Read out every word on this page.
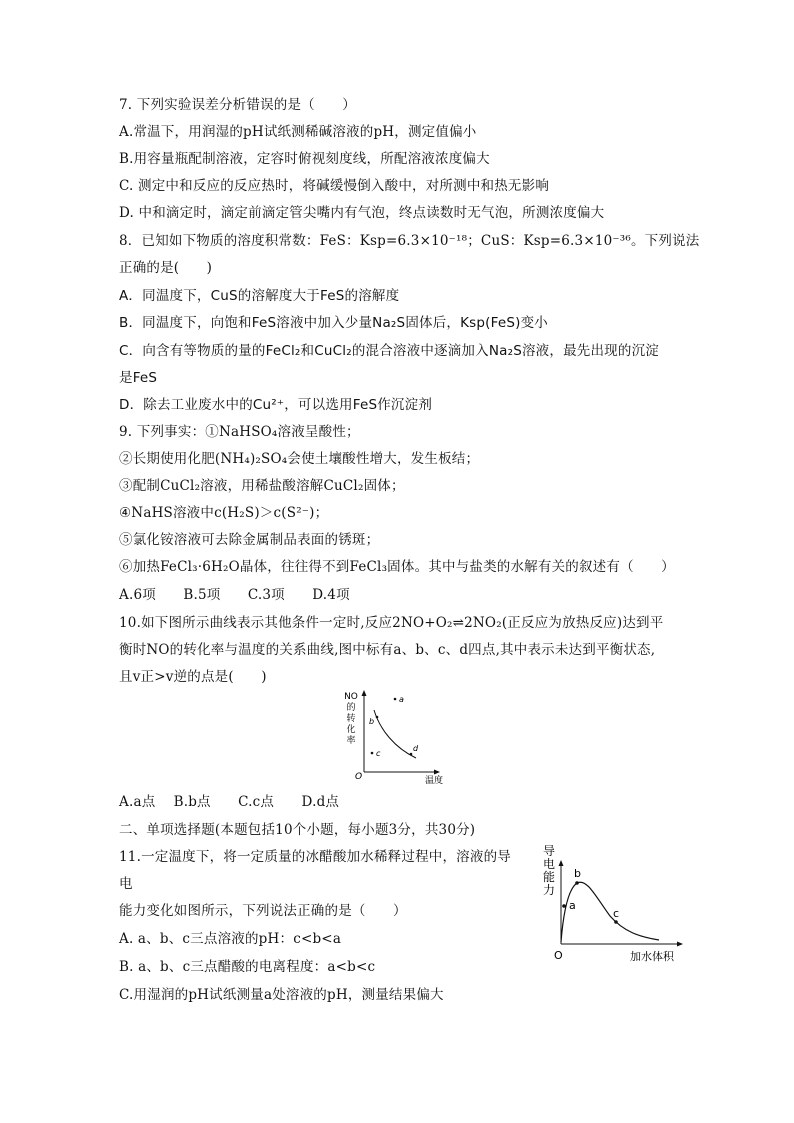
7. 下列实验误差分析错误的是（　　）
A.常温下，用润湿的pH试纸测稀碱溶液的pH，测定值偏小
B.用容量瓶配制溶液，定容时俯视刻度线，所配溶液浓度偏大
C. 测定中和反应的反应热时，将碱缓慢倒入酸中，对所测中和热无影响
D. 中和滴定时，滴定前滴定管尖嘴内有气泡，终点读数时无气泡，所测浓度偏大
8．已知如下物质的溶度积常数：FeS：Ksp=6.3×10⁻¹⁸；CuS：Ksp=6.3×10⁻³⁶。下列说法
正确的是(　　)
A．同温度下，CuS的溶解度大于FeS的溶解度
B．同温度下，向饱和FeS溶液中加入少量Na₂S固体后，Ksp(FeS)变小
C．向含有等物质的量的FeCl₂和CuCl₂的混合溶液中逐滴加入Na₂S溶液，最先出现的沉淀
是FeS
D．除去工业废水中的Cu²⁺，可以选用FeS作沉淀剂
9. 下列事实：①NaHSO₄溶液呈酸性；
②长期使用化肥(NH₄)₂SO₄会使土壤酸性增大，发生板结；
③配制CuCl₂溶液，用稀盐酸溶解CuCl₂固体；
④NaHS溶液中c(H₂S)＞c(S²⁻)；
⑤氯化铵溶液可去除金属制品表面的锈斑；
⑥加热FeCl₃·6H₂O晶体，往往得不到FeCl₃固体。其中与盐类的水解有关的叙述有（　　）
A.6项　　B.5项　　C.3项　　D.4项
10.如下图所示曲线表示其他条件一定时,反应2NO+O₂⇌2NO₂(正反应为放热反应)达到平
衡时NO的转化率与温度的关系曲线,图中标有a、b、c、d四点,其中表示未达到平衡状态,
且v正>v逆的点是(　　)
NO
的
转
化
率
O	温度
a
b
c
d
A.a点　 B.b点　　C.c点　　D.d点
二、单项选择题(本题包括10个小题，每小题3分，共30分)
11.一定温度下，将一定质量的冰醋酸加水稀释过程中，溶液的导
电
能力变化如图所示，下列说法正确的是（　　）
A. a、b、c三点溶液的pH：c<b<a
B. a、b、c三点醋酸的电离程度：a<b<c
C.用湿润的pH试纸测量a处溶液的pH，测量结果偏大
导
电
能
力
O	加水体积
a
b
c
